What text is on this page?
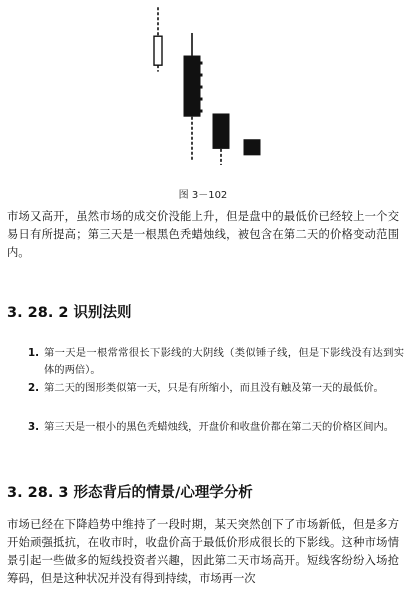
图 3－102

市场又高开，虽然市场的成交价没能上升，但是盘中的最低价已经较上一个交易日有所提高；第三天是一根黑色秃蜡烛线，被包含在第二天的价格变动范围内。

3. 28. 2 识别法则
1. 第一天是一根常常很长下影线的大阴线（类似锤子线，但是下影线没有达到实体的两倍）。
2. 第二天的图形类似第一天，只是有所缩小，而且没有触及第一天的最低价。
3. 第三天是一根小的黑色秃蜡烛线，开盘价和收盘价都在第二天的价格区间内。
3. 28. 3 形态背后的情景/心理学分析

市场已经在下降趋势中维持了一段时期，某天突然创下了市场新低，但是多方开始顽强抵抗，在收市时，收盘价高于最低价形成很长的下影线。这种市场情景引起一些做多的短线投资者兴趣，因此第二天市场高开。短线客纷纷入场抢筹码，但是这种状况并没有得到持续，市场再一次
